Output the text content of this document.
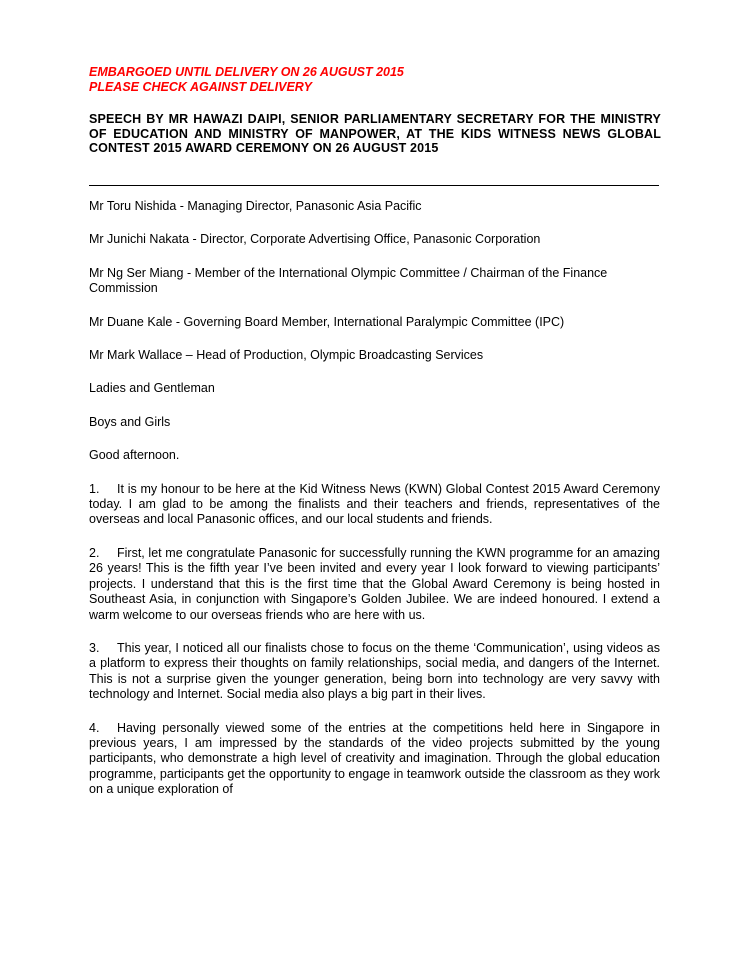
EMBARGOED UNTIL DELIVERY ON 26 AUGUST 2015
PLEASE CHECK AGAINST DELIVERY
SPEECH BY MR HAWAZI DAIPI, SENIOR PARLIAMENTARY SECRETARY FOR THE MINISTRY OF EDUCATION AND MINISTRY OF MANPOWER, AT THE KIDS WITNESS NEWS GLOBAL CONTEST 2015 AWARD CEREMONY ON 26 AUGUST 2015

Mr Toru Nishida - Managing Director, Panasonic Asia Pacific

Mr Junichi Nakata - Director, Corporate Advertising Office, Panasonic Corporation

Mr Ng Ser Miang - Member of the International Olympic Committee / Chairman of the Finance Commission

Mr Duane Kale - Governing Board Member, International Paralympic Committee (IPC)

Mr Mark Wallace – Head of Production, Olympic Broadcasting Services

Ladies and Gentleman

Boys and Girls

Good afternoon.

1. It is my honour to be here at the Kid Witness News (KWN) Global Contest 2015 Award Ceremony today. I am glad to be among the finalists and their teachers and friends, representatives of the overseas and local Panasonic offices, and our local students and friends.

2. First, let me congratulate Panasonic for successfully running the KWN programme for an amazing 26 years! This is the fifth year I’ve been invited and every year I look forward to viewing participants’ projects. I understand that this is the first time that the Global Award Ceremony is being hosted in Southeast Asia, in conjunction with Singapore’s Golden Jubilee. We are indeed honoured. I extend a warm welcome to our overseas friends who are here with us.

3. This year, I noticed all our finalists chose to focus on the theme ‘Communication’, using videos as a platform to express their thoughts on family relationships, social media, and dangers of the Internet. This is not a surprise given the younger generation, being born into technology are very savvy with technology and Internet. Social media also plays a big part in their lives.

4. Having personally viewed some of the entries at the competitions held here in Singapore in previous years, I am impressed by the standards of the video projects submitted by the young participants, who demonstrate a high level of creativity and imagination. Through the global education programme, participants get the opportunity to engage in teamwork outside the classroom as they work on a unique exploration of
